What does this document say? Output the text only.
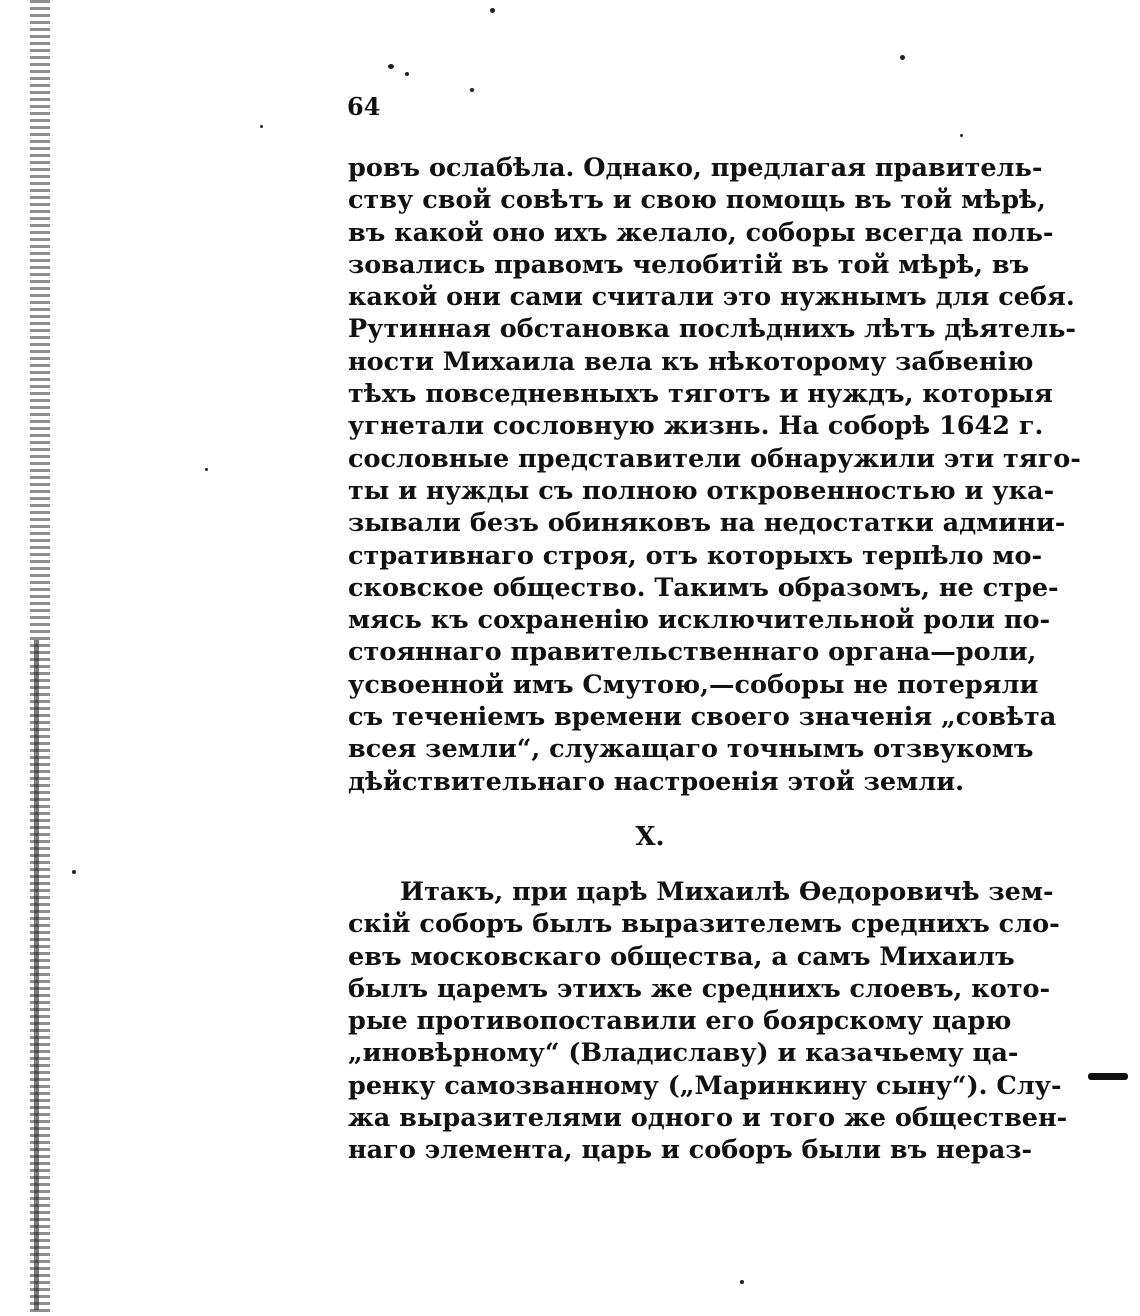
64
ровъ ослабѣла. Однако, предлагая правитель-
ству свой совѣтъ и свою помощь въ той мѣрѣ,
въ какой оно ихъ желало, соборы всегда поль-
зовались правомъ челобитій въ той мѣрѣ, въ
какой они сами считали это нужнымъ для себя.
Рутинная обстановка послѣднихъ лѣтъ дѣятель-
ности Михаила вела къ нѣкоторому забвенію
тѣхъ повседневныхъ тяготъ и нуждъ, которыя
угнетали сословную жизнь. На соборѣ 1642 г.
сословные представители обнаружили эти тяго-
ты и нужды съ полною откровенностью и ука-
зывали безъ обиняковъ на недостатки админи-
стративнаго строя, отъ которыхъ терпѣло мо-
сковское общество. Такимъ образомъ, не стре-
мясь къ сохраненію исключительной роли по-
стояннаго правительственнаго органа—роли,
усвоенной имъ Смутою,—соборы не потеряли
съ теченіемъ времени своего значенія „совѣта
всея земли“, служащаго точнымъ отзвукомъ
дѣйствительнаго настроенія этой земли.
X.
Итакъ, при царѣ Михаилѣ Ѳедоровичѣ зем-
скій соборъ былъ выразителемъ среднихъ сло-
евъ московскаго общества, а самъ Михаилъ
былъ царемъ этихъ же среднихъ слоевъ, кото-
рые противопоставили его боярскому царю
„иновѣрному“ (Владиславу) и казачьему ца-
ренку самозванному („Маринкину сыну“). Слу-
жа выразителями одного и того же обществен-
наго элемента, царь и соборъ были въ нераз-
